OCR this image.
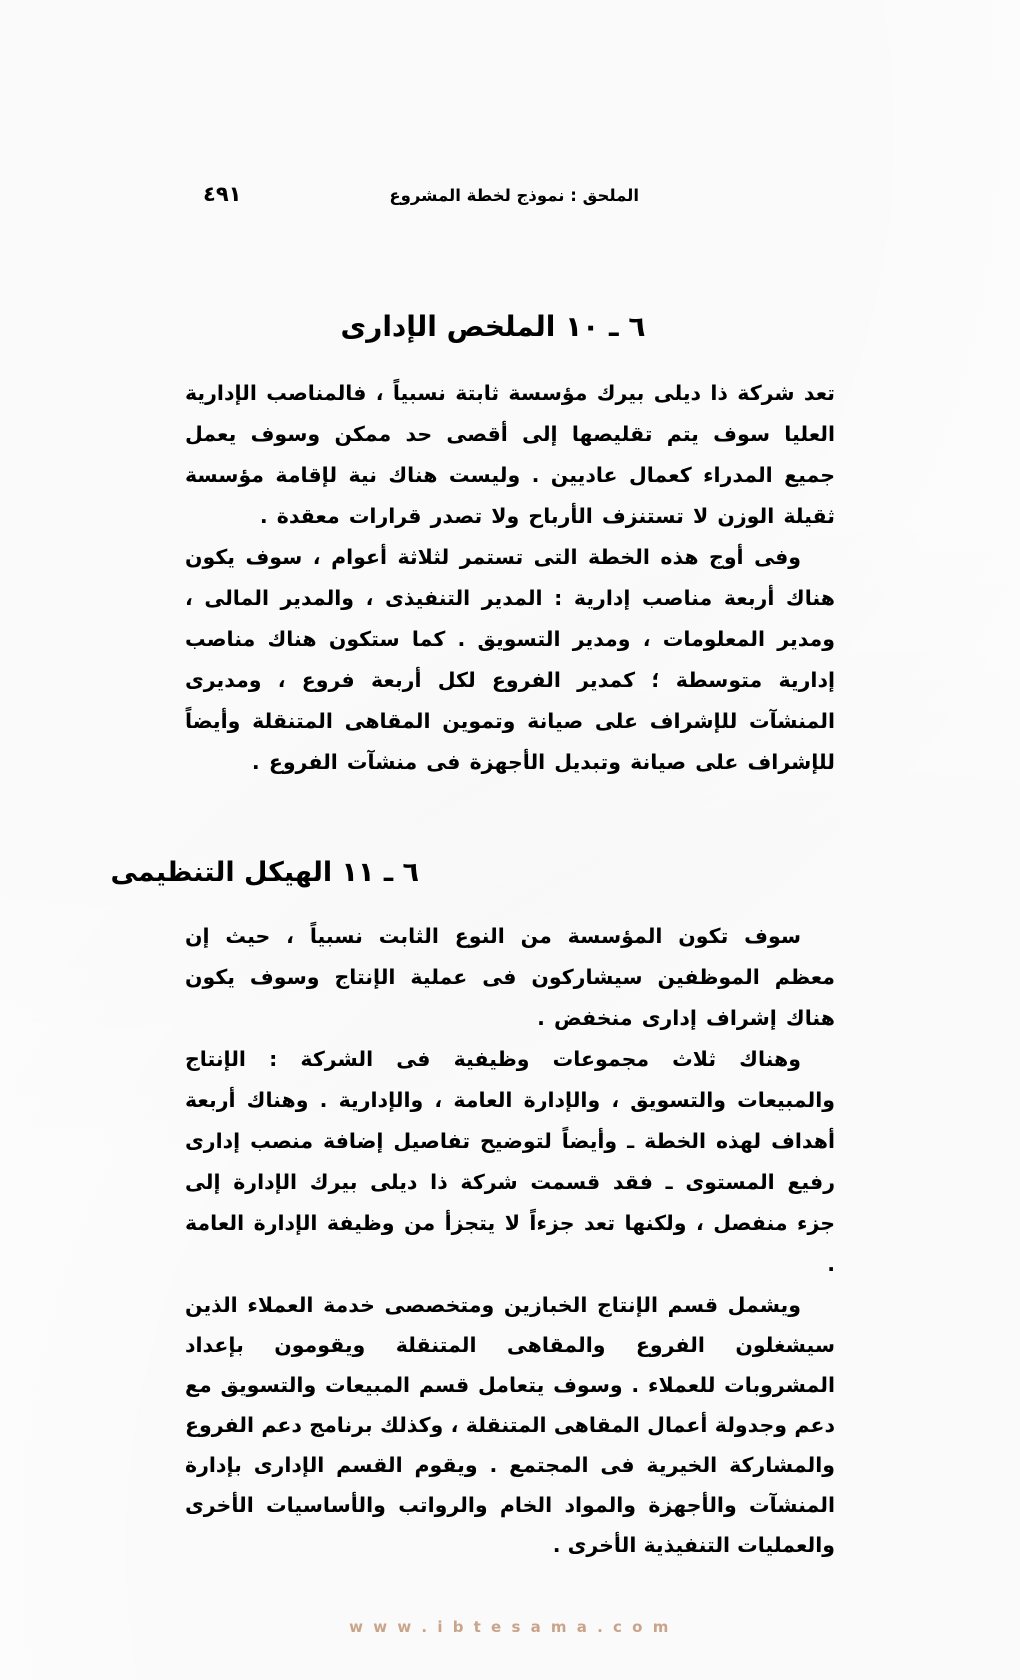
٤٩١	الملحق : نموذج لخطة المشروع
٦ ـ ١٠ الملخص الإدارى

تعد شركة ذا ديلى بيرك مؤسسة ثابتة نسبياً ، فالمناصب الإدارية العليا سوف يتم تقليصها إلى أقصى حد ممكن وسوف يعمل جميع المدراء كعمال عاديين . وليست هناك نية لإقامة مؤسسة ثقيلة الوزن لا تستنزف الأرباح ولا تصدر قرارات معقدة .

وفى أوج هذه الخطة التى تستمر لثلاثة أعوام ، سوف يكون هناك أربعة مناصب إدارية : المدير التنفيذى ، والمدير المالى ، ومدير المعلومات ، ومدير التسويق . كما ستكون هناك مناصب إدارية متوسطة ؛ كمدير الفروع لكل أربعة فروع ، ومديرى المنشآت للإشراف على صيانة وتموين المقاهى المتنقلة وأيضاً للإشراف على صيانة وتبديل الأجهزة فى منشآت الفروع .

٦ ـ ١١ الهيكل التنظيمى

سوف تكون المؤسسة من النوع الثابت نسبياً ، حيث إن معظم الموظفين سيشاركون فى عملية الإنتاج وسوف يكون هناك إشراف إدارى منخفض .

وهناك ثلاث مجموعات وظيفية فى الشركة : الإنتاج والمبيعات والتسويق ، والإدارة العامة ، والإدارية . وهناك أربعة أهداف لهذه الخطة ـ وأيضاً لتوضيح تفاصيل إضافة منصب إدارى رفيع المستوى ـ فقد قسمت شركة ذا ديلى بيرك الإدارة إلى جزء منفصل ، ولكنها تعد جزءاً لا يتجزأ من وظيفة الإدارة العامة .

ويشمل قسم الإنتاج الخبازين ومتخصصى خدمة العملاء الذين سيشغلون الفروع والمقاهى المتنقلة ويقومون بإعداد المشروبات للعملاء . وسوف يتعامل قسم المبيعات والتسويق مع دعم وجدولة أعمال المقاهى المتنقلة ، وكذلك برنامج دعم الفروع والمشاركة الخيرية فى المجتمع . ويقوم القسم الإدارى بإدارة المنشآت والأجهزة والمواد الخام والرواتب والأساسيات الأخرى والعمليات التنفيذية الأخرى .

w w w . i b t e s a m a . c o m
